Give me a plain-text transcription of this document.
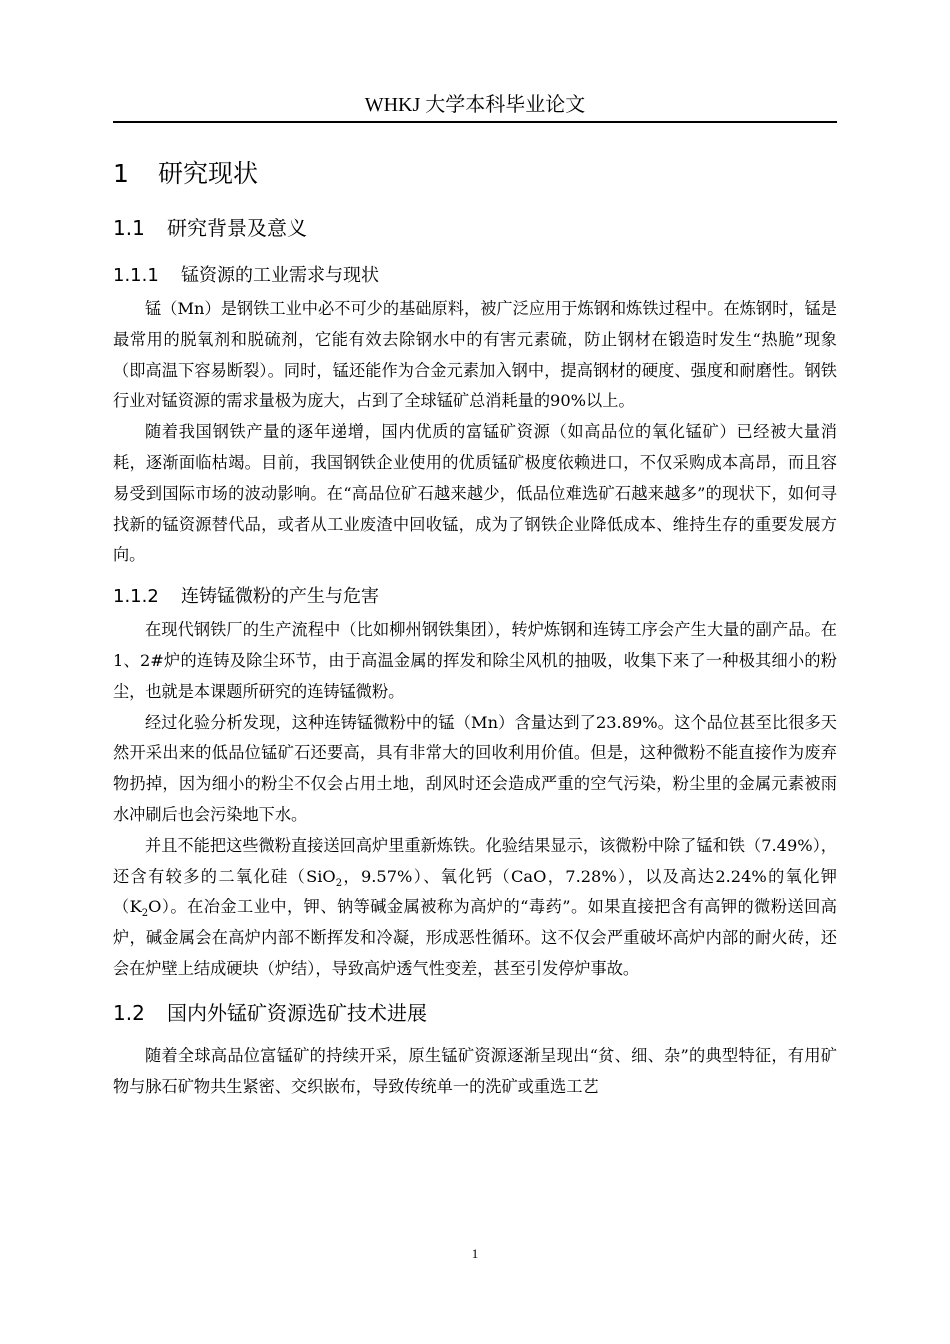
WHKJ 大学本科毕业论文
1 研究现状
1.1 研究背景及意义
1.1.1 锰资源的工业需求与现状

锰（Mn）是钢铁工业中必不可少的基础原料，被广泛应用于炼钢和炼铁过程中。在炼钢时，锰是最常用的脱氧剂和脱硫剂，它能有效去除钢水中的有害元素硫，防止钢材在锻造时发生“热脆”现象（即高温下容易断裂）。同时，锰还能作为合金元素加入钢中，提高钢材的硬度、强度和耐磨性。钢铁行业对锰资源的需求量极为庞大，占到了全球锰矿总消耗量的90%以上。

随着我国钢铁产量的逐年递增，国内优质的富锰矿资源（如高品位的氧化锰矿）已经被大量消耗，逐渐面临枯竭。目前，我国钢铁企业使用的优质锰矿极度依赖进口，不仅采购成本高昂，而且容易受到国际市场的波动影响。在“高品位矿石越来越少，低品位难选矿石越来越多”的现状下，如何寻找新的锰资源替代品，或者从工业废渣中回收锰，成为了钢铁企业降低成本、维持生存的重要发展方向。

1.1.2 连铸锰微粉的产生与危害

在现代钢铁厂的生产流程中（比如柳州钢铁集团），转炉炼钢和连铸工序会产生大量的副产品。在1、2#炉的连铸及除尘环节，由于高温金属的挥发和除尘风机的抽吸，收集下来了一种极其细小的粉尘，也就是本课题所研究的连铸锰微粉。

经过化验分析发现，这种连铸锰微粉中的锰（Mn）含量达到了23.89%。这个品位甚至比很多天然开采出来的低品位锰矿石还要高，具有非常大的回收利用价值。但是，这种微粉不能直接作为废弃物扔掉，因为细小的粉尘不仅会占用土地，刮风时还会造成严重的空气污染，粉尘里的金属元素被雨水冲刷后也会污染地下水。

并且不能把这些微粉直接送回高炉里重新炼铁。化验结果显示，该微粉中除了锰和铁（7.49%），还含有较多的二氧化硅（SiO$_2$，9.57%）、氧化钙（CaO，7.28%），以及高达2.24%的氧化钾$(K_2O)$。在冶金工业中，钾、钠等碱金属被称为高炉的“毒药”。如果直接把含有高钾的微粉送回高炉，碱金属会在高炉内部不断挥发和冷凝，形成恶性循环。这不仅会严重破坏高炉内部的耐火砖，还会在炉壁上结成硬块（炉结），导致高炉透气性变差，甚至引发停炉事故。

1.2 国内外锰矿资源选矿技术进展

随着全球高品位富锰矿的持续开采，原生锰矿资源逐渐呈现出“贫、细、杂”的典型特征，有用矿物与脉石矿物共生紧密、交织嵌布，导致传统单一的洗矿或重选工艺

1
